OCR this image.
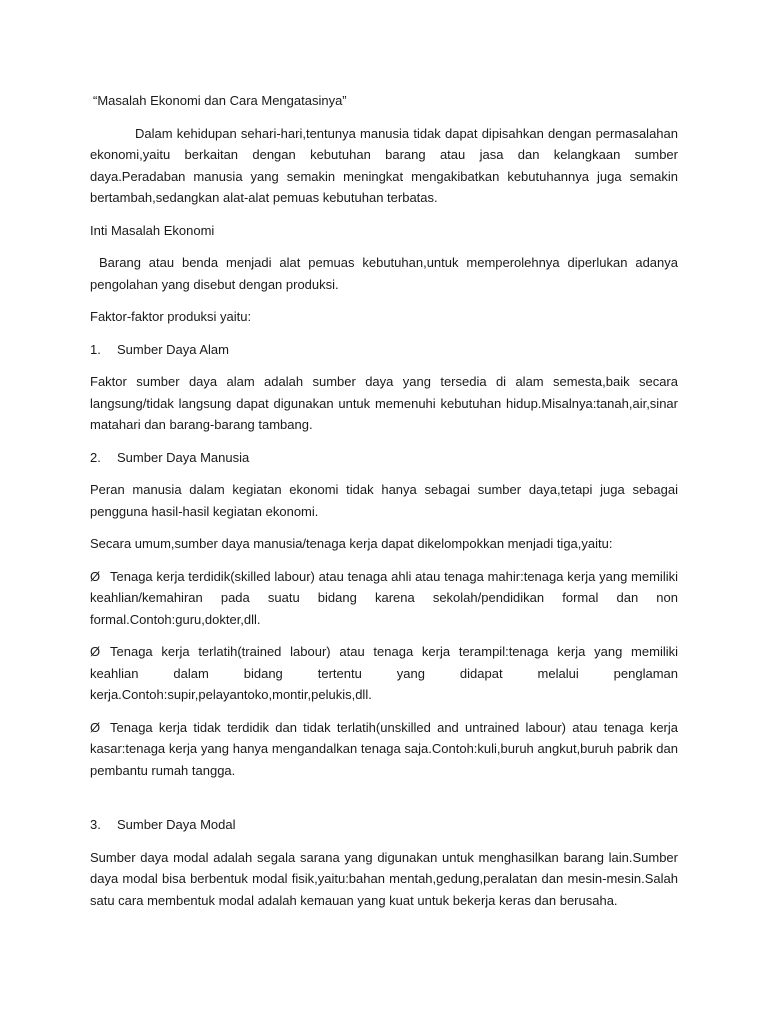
“Masalah Ekonomi dan Cara Mengatasinya”
Dalam kehidupan sehari-hari,tentunya manusia tidak dapat dipisahkan dengan permasalahan ekonomi,yaitu berkaitan dengan kebutuhan barang atau jasa dan kelangkaan sumber daya.Peradaban manusia yang semakin meningkat mengakibatkan kebutuhannya juga semakin bertambah,sedangkan alat-alat pemuas kebutuhan terbatas.
Inti Masalah Ekonomi
Barang atau benda menjadi alat pemuas kebutuhan,untuk memperolehnya diperlukan adanya pengolahan yang disebut dengan produksi.
Faktor-faktor produksi yaitu:
1.	Sumber Daya Alam
Faktor sumber daya alam adalah sumber daya yang tersedia di alam semesta,baik secara langsung/tidak langsung dapat digunakan untuk memenuhi kebutuhan hidup.Misalnya:tanah,air,sinar matahari dan barang-barang tambang.
2.	Sumber Daya Manusia
Peran manusia dalam kegiatan ekonomi tidak hanya sebagai sumber daya,tetapi juga sebagai pengguna hasil-hasil kegiatan ekonomi.
Secara umum,sumber daya manusia/tenaga kerja dapat dikelompokkan menjadi tiga,yaitu:
Ø Tenaga kerja terdidik(skilled labour) atau tenaga ahli atau tenaga mahir:tenaga kerja yang memiliki keahlian/kemahiran pada suatu bidang karena sekolah/pendidikan formal dan non formal.Contoh:guru,dokter,dll.
Ø Tenaga kerja terlatih(trained labour) atau tenaga kerja terampil:tenaga kerja yang memiliki keahlian dalam bidang tertentu yang didapat melalui penglaman kerja.Contoh:supir,pelayantoko,montir,pelukis,dll.
Ø Tenaga kerja tidak terdidik dan tidak terlatih(unskilled and untrained labour) atau tenaga kerja kasar:tenaga kerja yang hanya mengandalkan tenaga saja.Contoh:kuli,buruh angkut,buruh pabrik dan pembantu rumah tangga.
3.	Sumber Daya Modal
Sumber daya modal adalah segala sarana yang digunakan untuk menghasilkan barang lain.Sumber daya modal bisa berbentuk modal fisik,yaitu:bahan mentah,gedung,peralatan dan mesin-mesin.Salah satu cara membentuk modal adalah kemauan yang kuat untuk bekerja keras dan berusaha.
